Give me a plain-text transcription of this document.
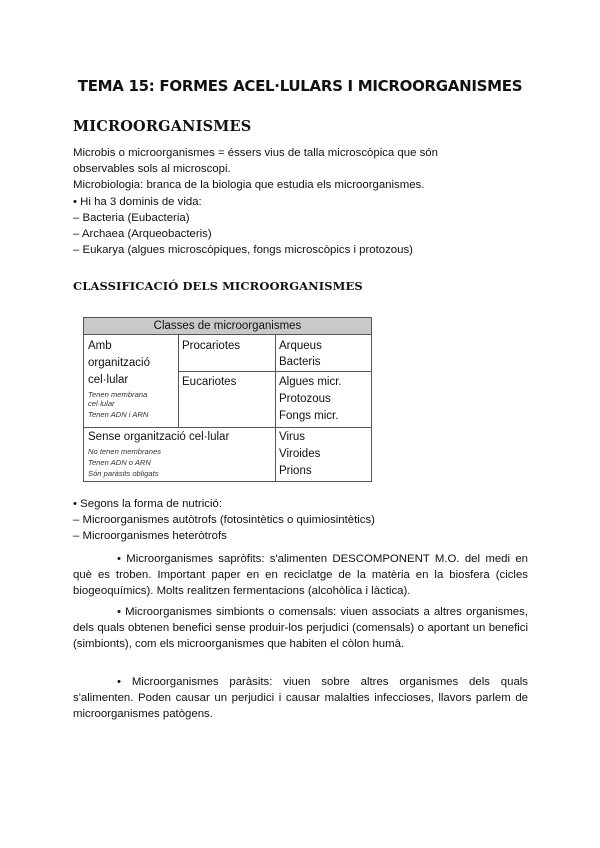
TEMA 15: FORMES ACEL·LULARS I MICROORGANISMES
MICROORGANISMES
Microbis o microorganismes = éssers vius de talla microscòpica que són
observables sols al microscopi.
Microbiologia: branca de la biologia que estudia els microorganismes.
• Hi ha 3 dominis de vida:
– Bacteria (Eubacteria)
– Archaea (Arqueobacteris)
– Eukarya (algues microscòpiques, fongs microscòpics i protozous)
CLASSIFICACIÓ DELS MICROORGANISMES
Classes de microorganismes
Amb
organització
cel·lular
Tenen membrana
cel·lular
Tenen ADN i ARN
Procariotes	Arqueus
Bacteris
Eucariotes	Algues micr.
Protozous
Fongs micr.
Sense organització cel·lular
No tenen membranes
Tenen ADN o ARN
Són paràsits obligats
Virus
Viroides
Prions
• Segons la forma de nutrició:
– Microorganismes autòtrofs (fotosintètics o quimiosintètics)
– Microorganismes heteròtrofs
• Microorganismes sapròfits: s'alimenten DESCOMPONENT M.O. del medi en què es troben. Important paper en en reciclatge de la matèria en la biosfera (cicles biogeoquímics). Molts realitzen fermentacions (alcohòlica i làctica).
• Microorganismes simbionts o comensals: viuen associats a altres organismes, dels quals obtenen benefici sense produir-los perjudici (comensals) o aportant un benefici (simbionts), com els microorganismes que habiten el còlon humà.
• Microorganismes paràsits: viuen sobre altres organismes dels quals s'alimenten. Poden causar un perjudici i causar malalties infeccioses, llavors parlem de microorganismes patògens.
